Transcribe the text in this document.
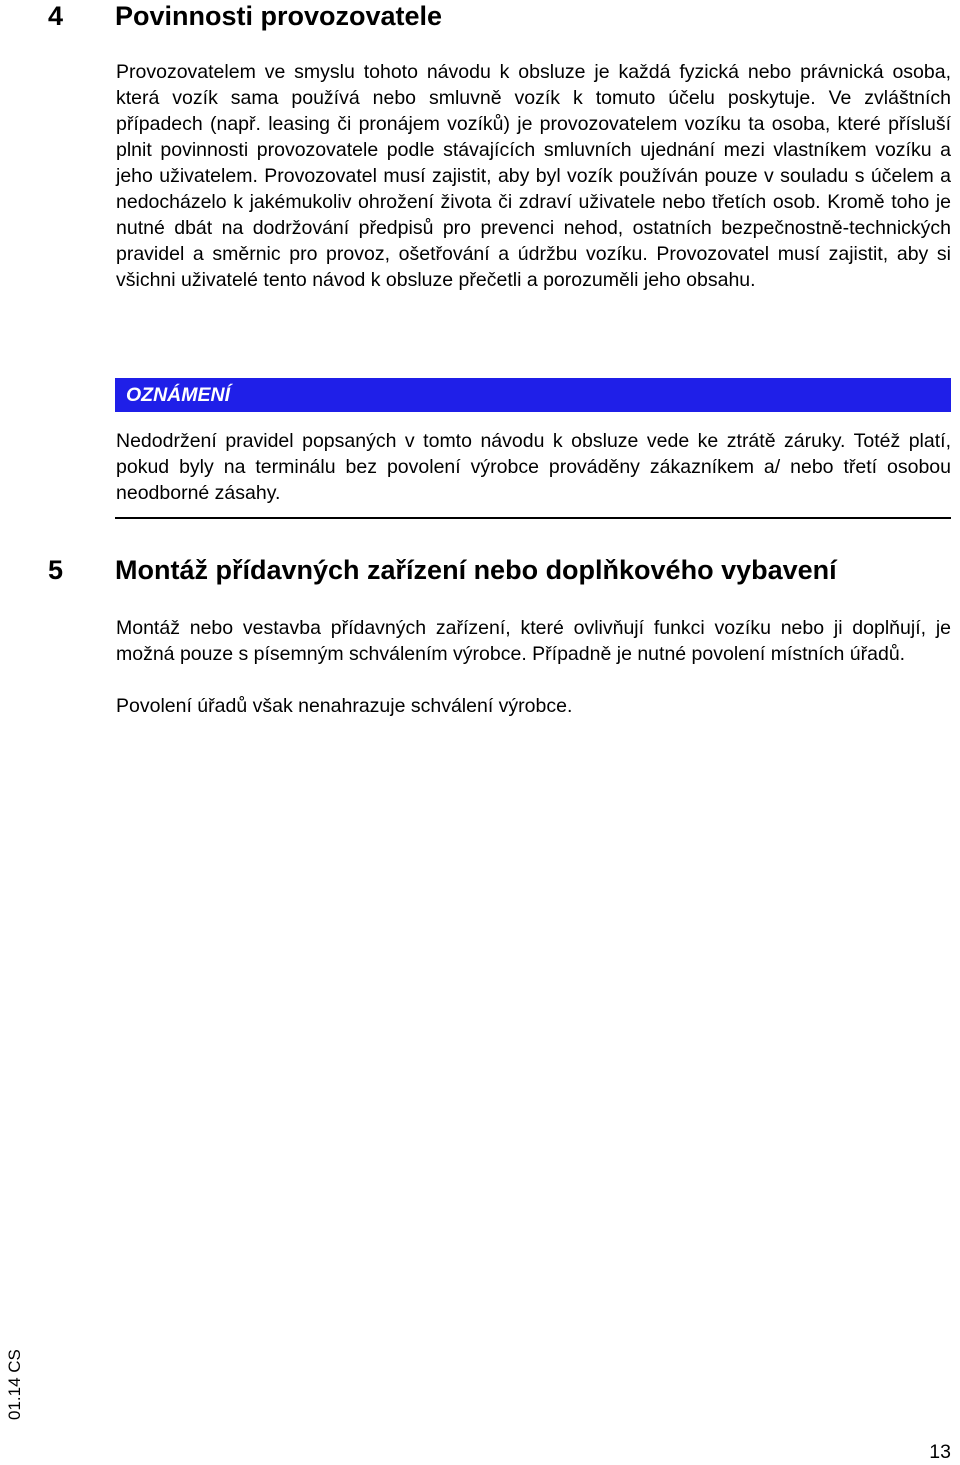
4 Povinnosti provozovatele

Provozovatelem ve smyslu tohoto návodu k obsluze je každá fyzická nebo právnická osoba, která vozík sama používá nebo smluvně vozík k tomuto účelu poskytuje. Ve zvláštních případech (např. leasing či pronájem vozíků) je provozovatelem vozíku ta osoba, které přísluší plnit povinnosti provozovatele podle stávajících smluvních ujednání mezi vlastníkem vozíku a jeho uživatelem. Provozovatel musí zajistit, aby byl vozík používán pouze v souladu s účelem a nedocházelo k jakémukoliv ohrožení života či zdraví uživatele nebo třetích osob. Kromě toho je nutné dbát na dodržování předpisů pro prevenci nehod, ostatních bezpečnostně-technických pravidel a směrnic pro provoz, ošetřování a údržbu vozíku. Provozovatel musí zajistit, aby si všichni uživatelé tento návod k obsluze přečetli a porozuměli jeho obsahu.

OZNÁMENÍ

Nedodržení pravidel popsaných v tomto návodu k obsluze vede ke ztrátě záruky. Totéž platí, pokud byly na terminálu bez povolení výrobce prováděny zákazníkem a/ nebo třetí osobou neodborné zásahy.

5 Montáž přídavných zařízení nebo doplňkového vybavení

Montáž nebo vestavba přídavných zařízení, které ovlivňují funkci vozíku nebo ji doplňují, je možná pouze s písemným schválením výrobce. Případně je nutné povolení místních úřadů.

Povolení úřadů však nenahrazuje schválení výrobce.

01.14 CS
13
